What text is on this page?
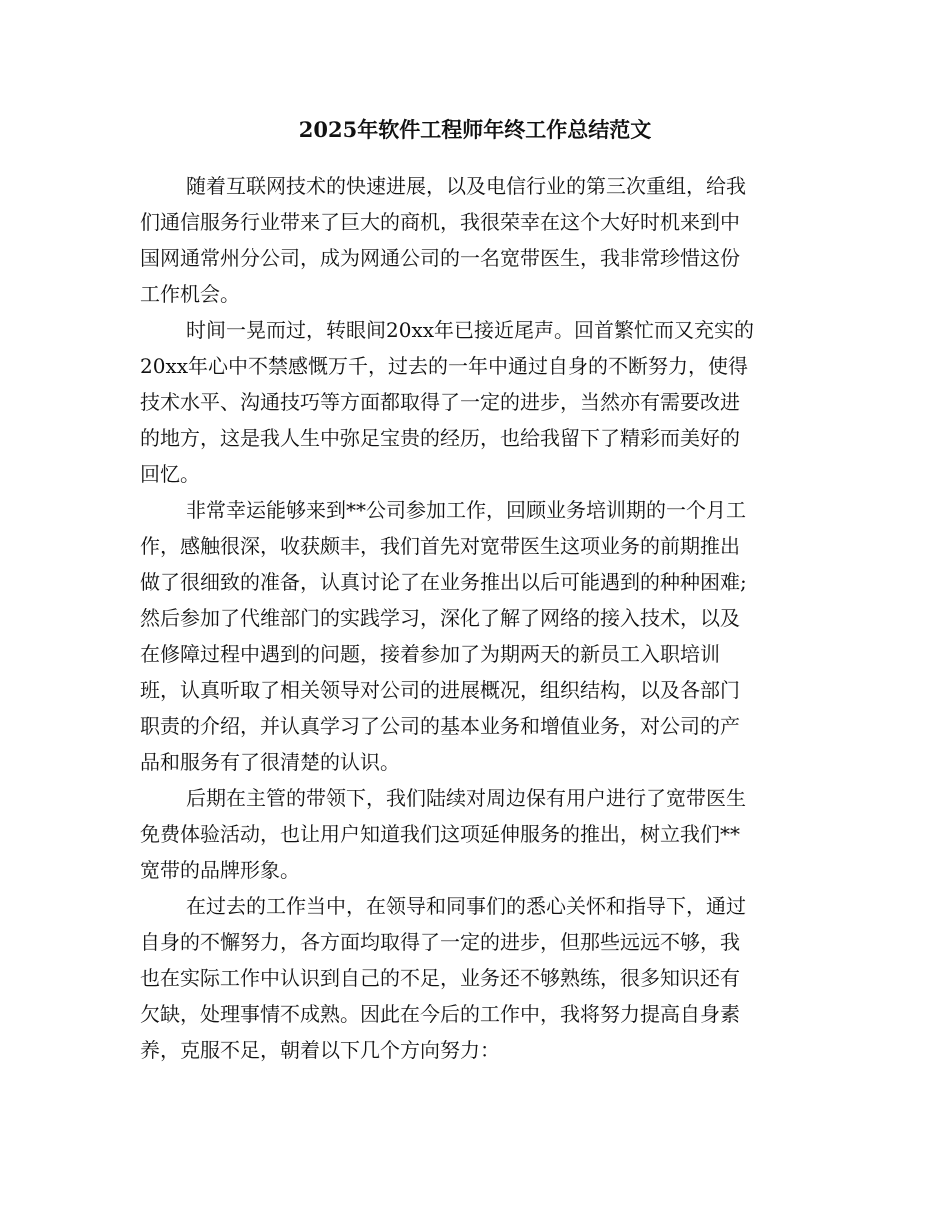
2025年软件工程师年终工作总结范文

随着互联网技术的快速进展，以及电信行业的第三次重组，给我
们通信服务行业带来了巨大的商机，我很荣幸在这个大好时机来到中
国网通常州分公司，成为网通公司的一名宽带医生，我非常珍惜这份
工作机会。

时间一晃而过，转眼间20xx年已接近尾声。回首繁忙而又充实的
20xx年心中不禁感慨万千，过去的一年中通过自身的不断努力，使得
技术水平、沟通技巧等方面都取得了一定的进步，当然亦有需要改进
的地方，这是我人生中弥足宝贵的经历，也给我留下了精彩而美好的
回忆。

非常幸运能够来到**公司参加工作，回顾业务培训期的一个月工
作，感触很深，收获颇丰，我们首先对宽带医生这项业务的前期推出
做了很细致的准备，认真讨论了在业务推出以后可能遇到的种种困难;
然后参加了代维部门的实践学习，深化了解了网络的接入技术，以及
在修障过程中遇到的问题，接着参加了为期两天的新员工入职培训
班，认真听取了相关领导对公司的进展概况，组织结构，以及各部门
职责的介绍，并认真学习了公司的基本业务和增值业务，对公司的产
品和服务有了很清楚的认识。

后期在主管的带领下，我们陆续对周边保有用户进行了宽带医生
免费体验活动，也让用户知道我们这项延伸服务的推出，树立我们**
宽带的品牌形象。

在过去的工作当中，在领导和同事们的悉心关怀和指导下，通过
自身的不懈努力，各方面均取得了一定的进步，但那些远远不够，我
也在实际工作中认识到自己的不足，业务还不够熟练，很多知识还有
欠缺，处理事情不成熟。因此在今后的工作中，我将努力提高自身素
养，克服不足，朝着以下几个方向努力：
